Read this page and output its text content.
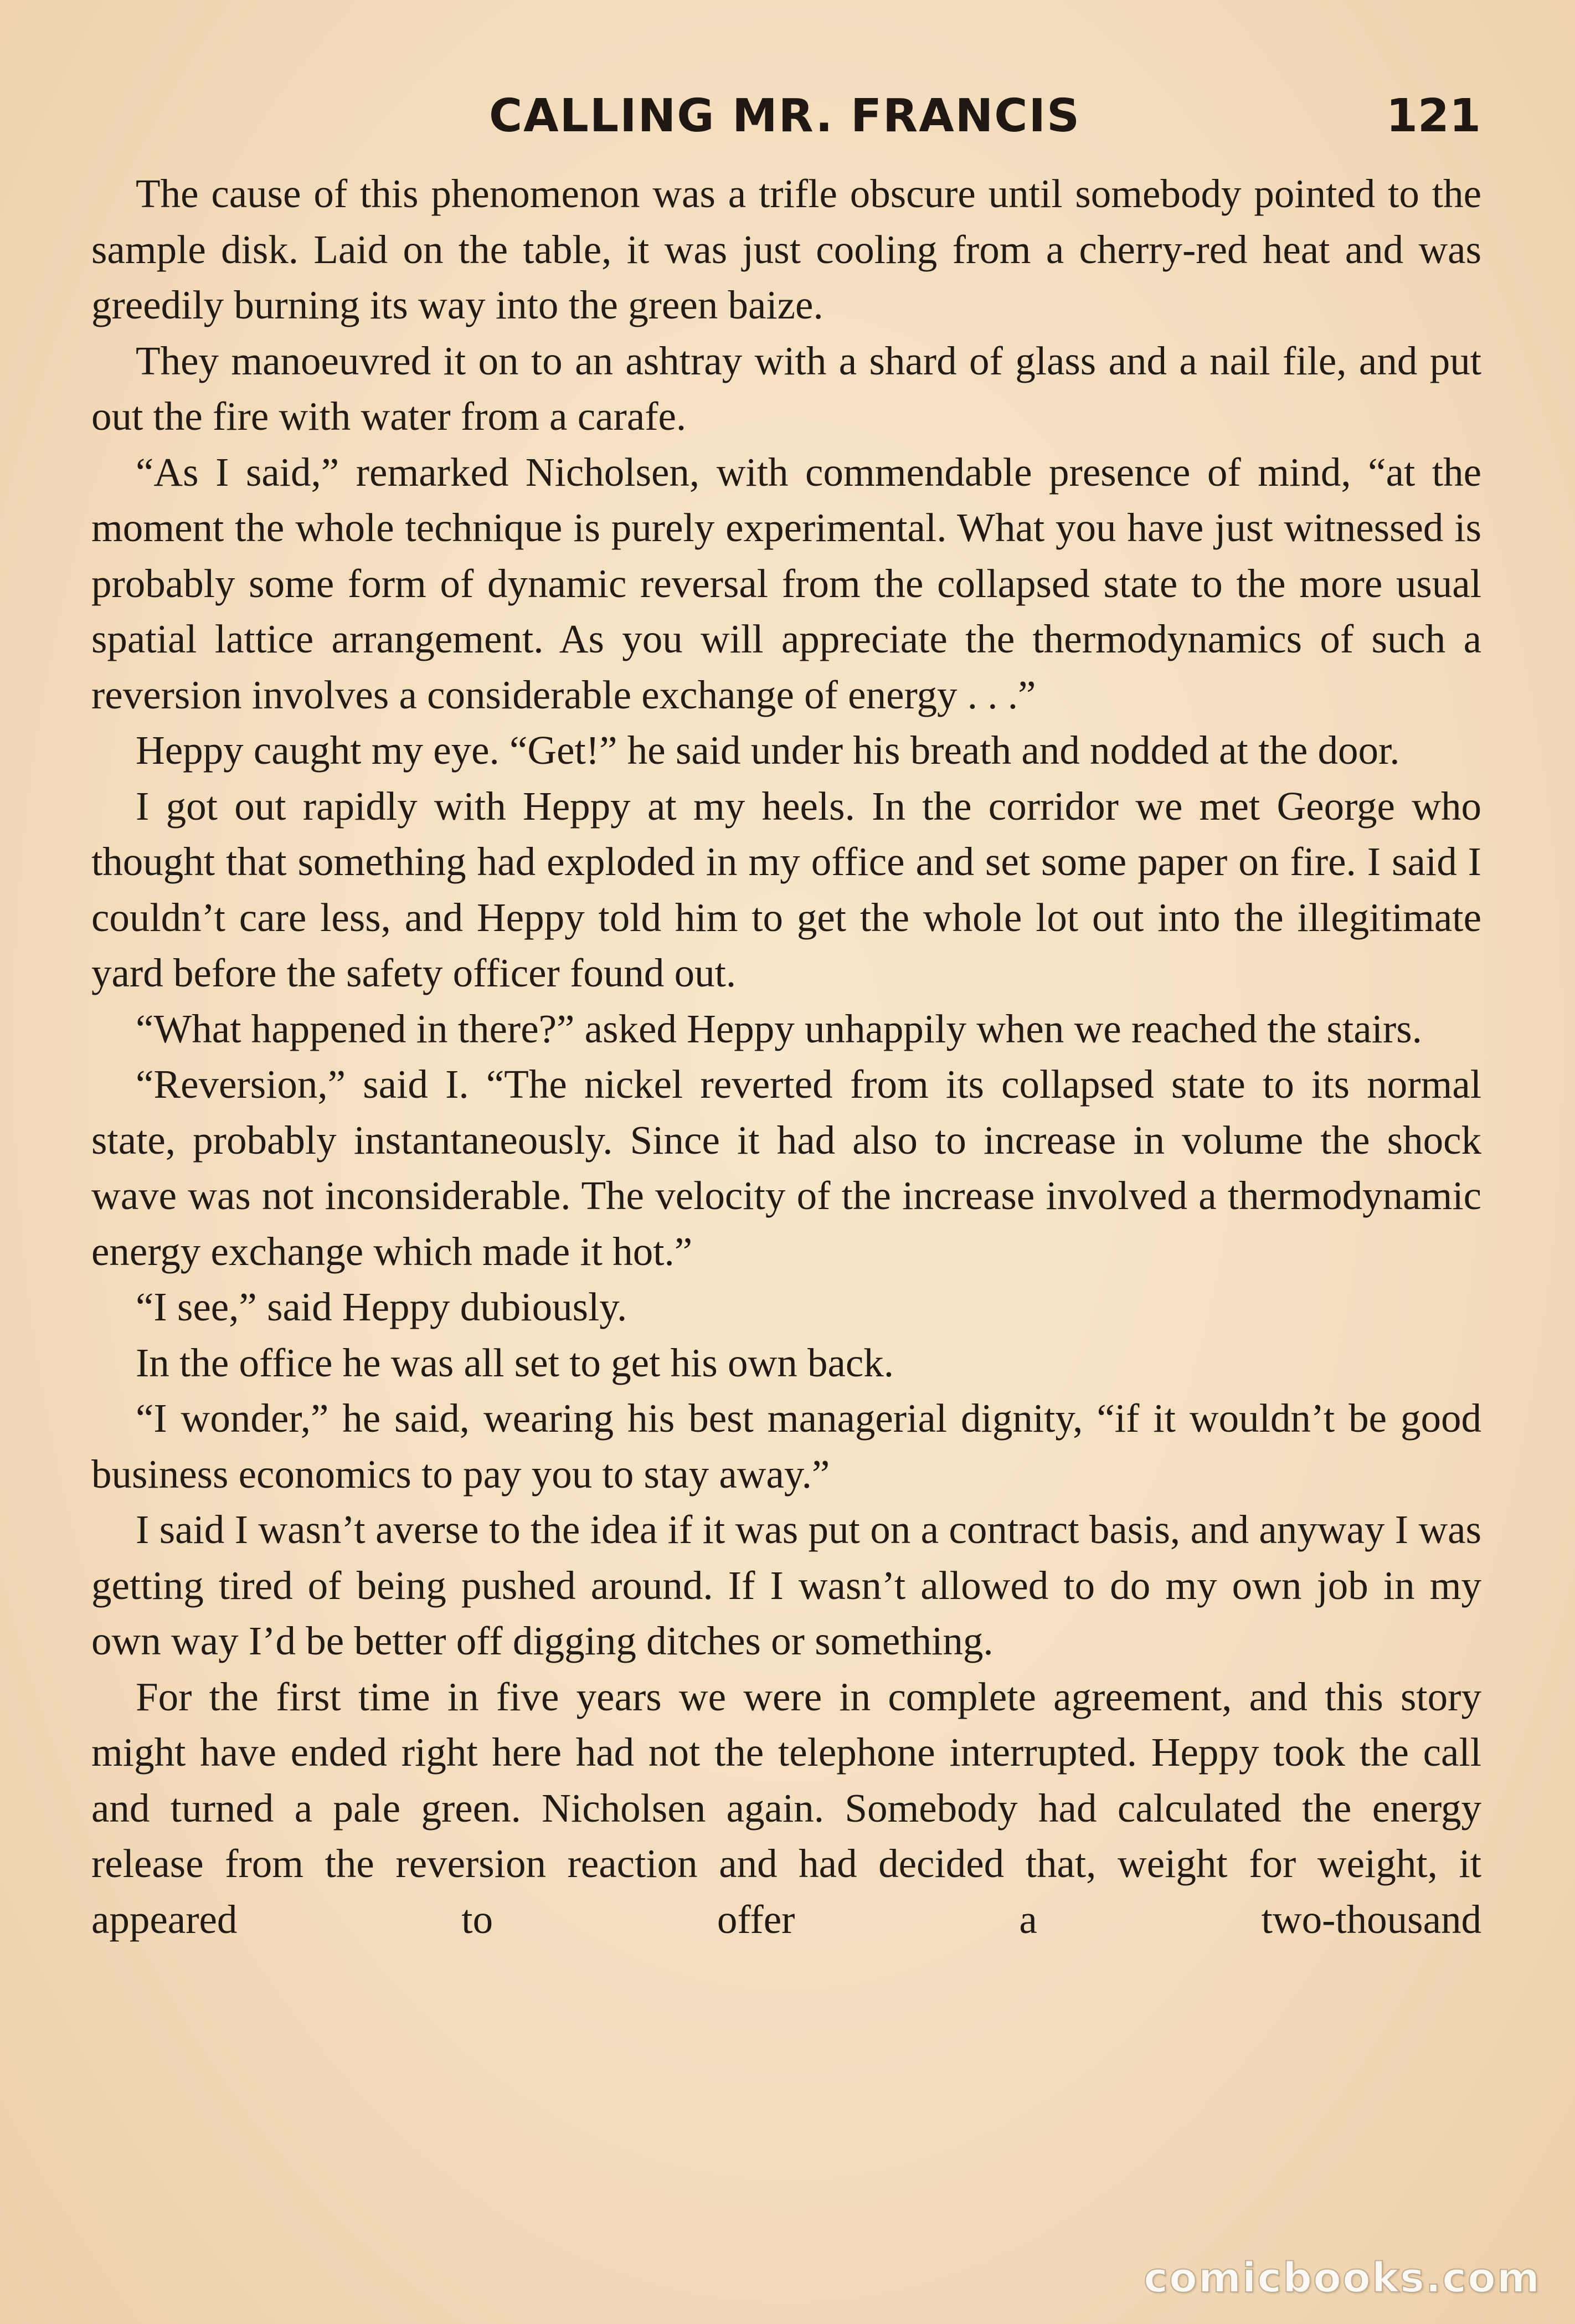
CALLING MR. FRANCIS	121

The cause of this phenomenon was a trifle obscure until somebody pointed to the sample disk. Laid on the table, it was just cooling from a cherry-red heat and was greedily burning its way into the green baize.

They manoeuvred it on to an ashtray with a shard of glass and a nail file, and put out the fire with water from a carafe.

“As I said,” remarked Nicholsen, with commendable presence of mind, “at the moment the whole technique is purely experimental. What you have just witnessed is probably some form of dynamic reversal from the collapsed state to the more usual spatial lattice arrangement. As you will appreciate the thermodynamics of such a reversion involves a considerable exchange of energy . . .”

Heppy caught my eye. “Get!” he said under his breath and nodded at the door.

I got out rapidly with Heppy at my heels. In the corridor we met George who thought that something had exploded in my office and set some paper on fire. I said I couldn’t care less, and Heppy told him to get the whole lot out into the illegitimate yard before the safety officer found out.

“What happened in there?” asked Heppy unhappily when we reached the stairs.

“Reversion,” said I. “The nickel reverted from its collapsed state to its normal state, probably instantaneously. Since it had also to increase in volume the shock wave was not inconsiderable. The velocity of the increase involved a thermodynamic energy exchange which made it hot.”

“I see,” said Heppy dubiously.

In the office he was all set to get his own back.

“I wonder,” he said, wearing his best managerial dignity, “if it wouldn’t be good business economics to pay you to stay away.”

I said I wasn’t averse to the idea if it was put on a contract basis, and anyway I was getting tired of being pushed around. If I wasn’t allowed to do my own job in my own way I’d be better off digging ditches or something.

For the first time in five years we were in complete agreement, and this story might have ended right here had not the telephone interrupted. Heppy took the call and turned a pale green. Nicholsen again. Somebody had calculated the energy release from the reversion reaction and had decided that, weight for weight, it appeared to offer a two-thousand

comicbooks.com
